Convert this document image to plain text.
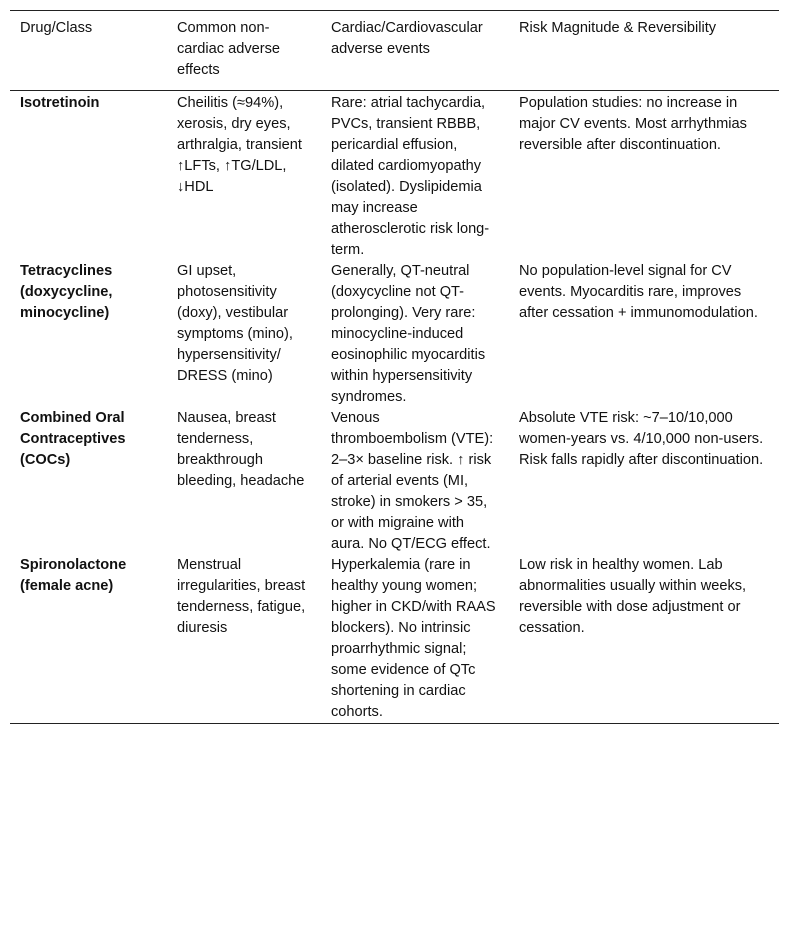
Drug/Class	Common non-cardiac adverse effects	Cardiac/Cardiovascular adverse events	Risk Magnitude & Reversibility
Isotretinoin	Cheilitis (≈94%), xerosis, dry eyes, arthralgia, transient ↑LFTs, ↑TG/LDL, ↓HDL	Rare: atrial tachycardia, PVCs, transient RBBB, pericardial effusion, dilated cardiomyopathy (isolated). Dyslipidemia may increase atherosclerotic risk long-term.	Population studies: no increase in major CV events. Most arrhythmias reversible after discontinuation.
Tetracyclines (doxycycline, minocycline)	GI upset, photosensitivity (doxy), vestibular symptoms (mino), hypersensitivity/ DRESS (mino)	Generally, QT-neutral (doxycycline not QT-prolonging). Very rare: minocycline-induced eosinophilic myocarditis within hypersensitivity syndromes.	No population-level signal for CV events. Myocarditis rare, improves after cessation + immunomodulation.
Combined Oral Contraceptives (COCs)	Nausea, breast tenderness, breakthrough bleeding, headache	Venous thromboembolism (VTE): 2–3× baseline risk. ↑ risk of arterial events (MI, stroke) in smokers > 35, or with migraine with aura. No QT/ECG effect.	Absolute VTE risk: ~7–10/10,000 women-years vs. 4/10,000 non-users. Risk falls rapidly after discontinuation.
Spironolactone (female acne)	Menstrual irregularities, breast tenderness, fatigue, diuresis	Hyperkalemia (rare in healthy young women; higher in CKD/with RAAS blockers). No intrinsic proarrhythmic signal; some evidence of QTc shortening in cardiac cohorts.	Low risk in healthy women. Lab abnormalities usually within weeks, reversible with dose adjustment or cessation.
